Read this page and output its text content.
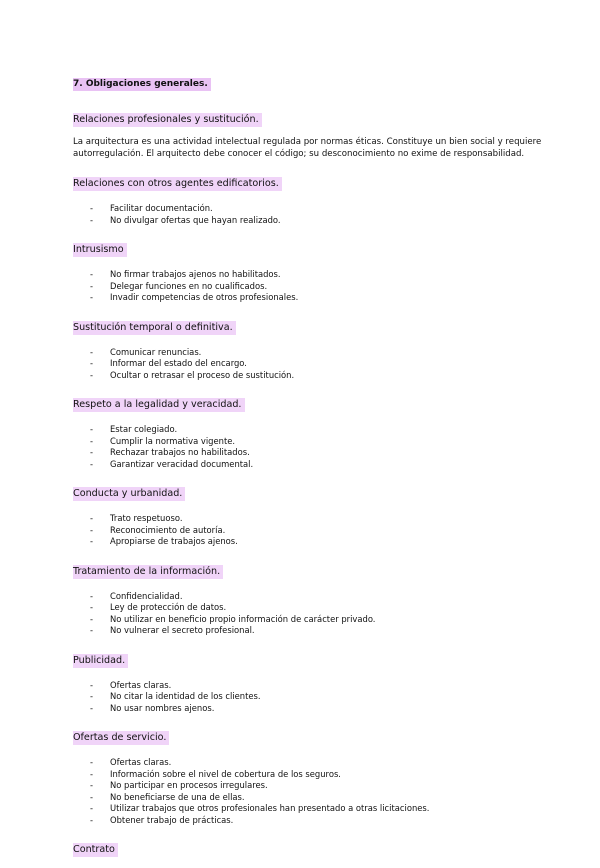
7. Obligaciones generales.
Relaciones profesionales y sustitución.

La arquitectura es una actividad intelectual regulada por normas éticas. Constituye un bien social y requiere autorregulación. El arquitecto debe conocer el código; su desconocimiento no exime de responsabilidad.

Relaciones con otros agentes edificatorios.
- Facilitar documentación.
- No divulgar ofertas que hayan realizado.
Intrusismo
- No firmar trabajos ajenos no habilitados.
- Delegar funciones en no cualificados.
- Invadir competencias de otros profesionales.
Sustitución temporal o definitiva.
- Comunicar renuncias.
- Informar del estado del encargo.
- Ocultar o retrasar el proceso de sustitución.
Respeto a la legalidad y veracidad.
- Estar colegiado.
- Cumplir la normativa vigente.
- Rechazar trabajos no habilitados.
- Garantizar veracidad documental.
Conducta y urbanidad.
- Trato respetuoso.
- Reconocimiento de autoría.
- Apropiarse de trabajos ajenos.
Tratamiento de la información.
- Confidencialidad.
- Ley de protección de datos.
- No utilizar en beneficio propio información de carácter privado.
- No vulnerar el secreto profesional.
Publicidad.
- Ofertas claras.
- No citar la identidad de los clientes.
- No usar nombres ajenos.
Ofertas de servicio.
- Ofertas claras.
- Información sobre el nivel de cobertura de los seguros.
- No participar en procesos irregulares.
- No beneficiarse de una de ellas.
- Utilizar trabajos que otros profesionales han presentado a otras licitaciones.
- Obtener trabajo de prácticas.
Contrato
